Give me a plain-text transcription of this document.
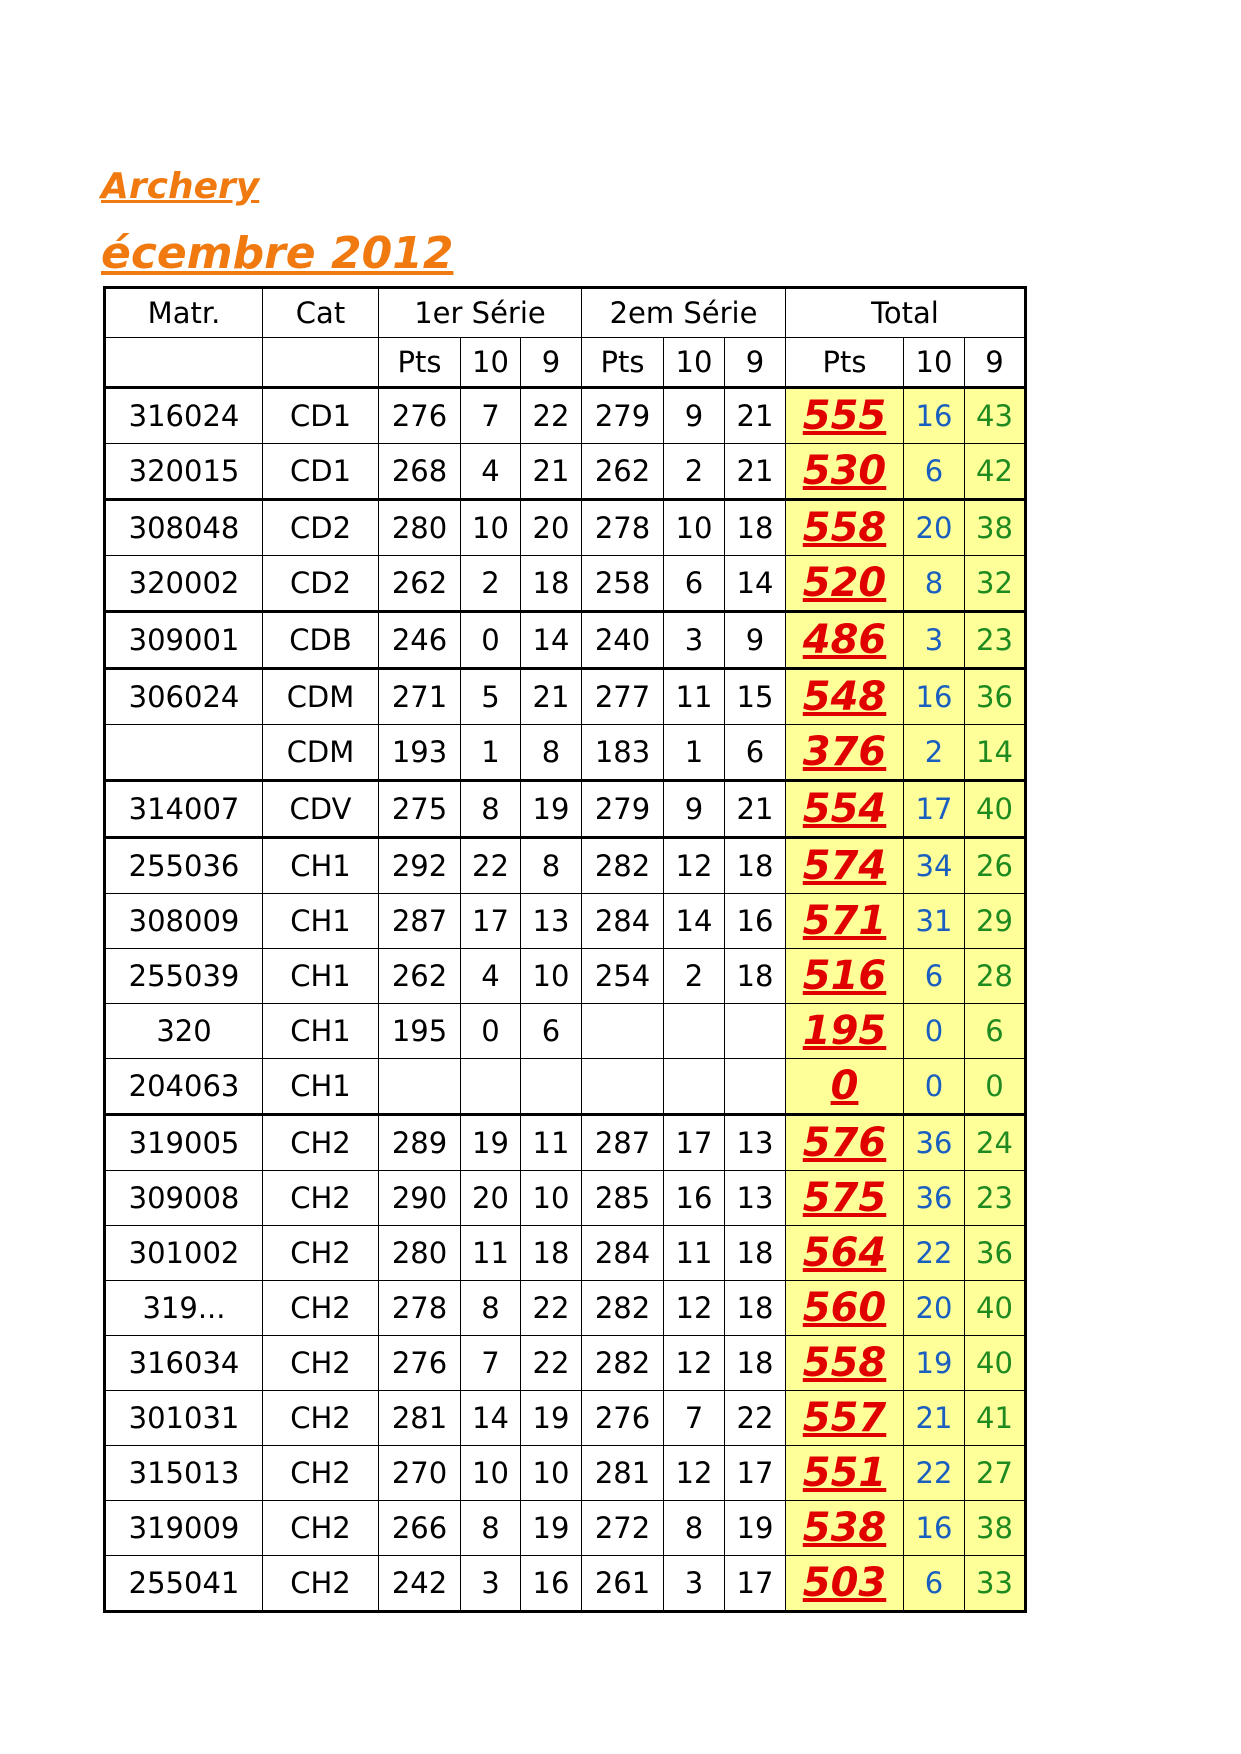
Archery
écembre 2012
Matr.	Cat	1er Série			2em Série			Total		
		Pts	10	9	Pts	10	9	Pts	10	9
316024	CD1	276	7	22	279	9	21	555	16	43
320015	CD1	268	4	21	262	2	21	530	6	42
308048	CD2	280	10	20	278	10	18	558	20	38
320002	CD2	262	2	18	258	6	14	520	8	32
309001	CDB	246	0	14	240	3	9	486	3	23
306024	CDM	271	5	21	277	11	15	548	16	36
	CDM	193	1	8	183	1	6	376	2	14
314007	CDV	275	8	19	279	9	21	554	17	40
255036	CH1	292	22	8	282	12	18	574	34	26
308009	CH1	287	17	13	284	14	16	571	31	29
255039	CH1	262	4	10	254	2	18	516	6	28
320	CH1	195	0	6				195	0	6
204063	CH1							0	0	0
319005	CH2	289	19	11	287	17	13	576	36	24
309008	CH2	290	20	10	285	16	13	575	36	23
301002	CH2	280	11	18	284	11	18	564	22	36
319...	CH2	278	8	22	282	12	18	560	20	40
316034	CH2	276	7	22	282	12	18	558	19	40
301031	CH2	281	14	19	276	7	22	557	21	41
315013	CH2	270	10	10	281	12	17	551	22	27
319009	CH2	266	8	19	272	8	19	538	16	38
255041	CH2	242	3	16	261	3	17	503	6	33
